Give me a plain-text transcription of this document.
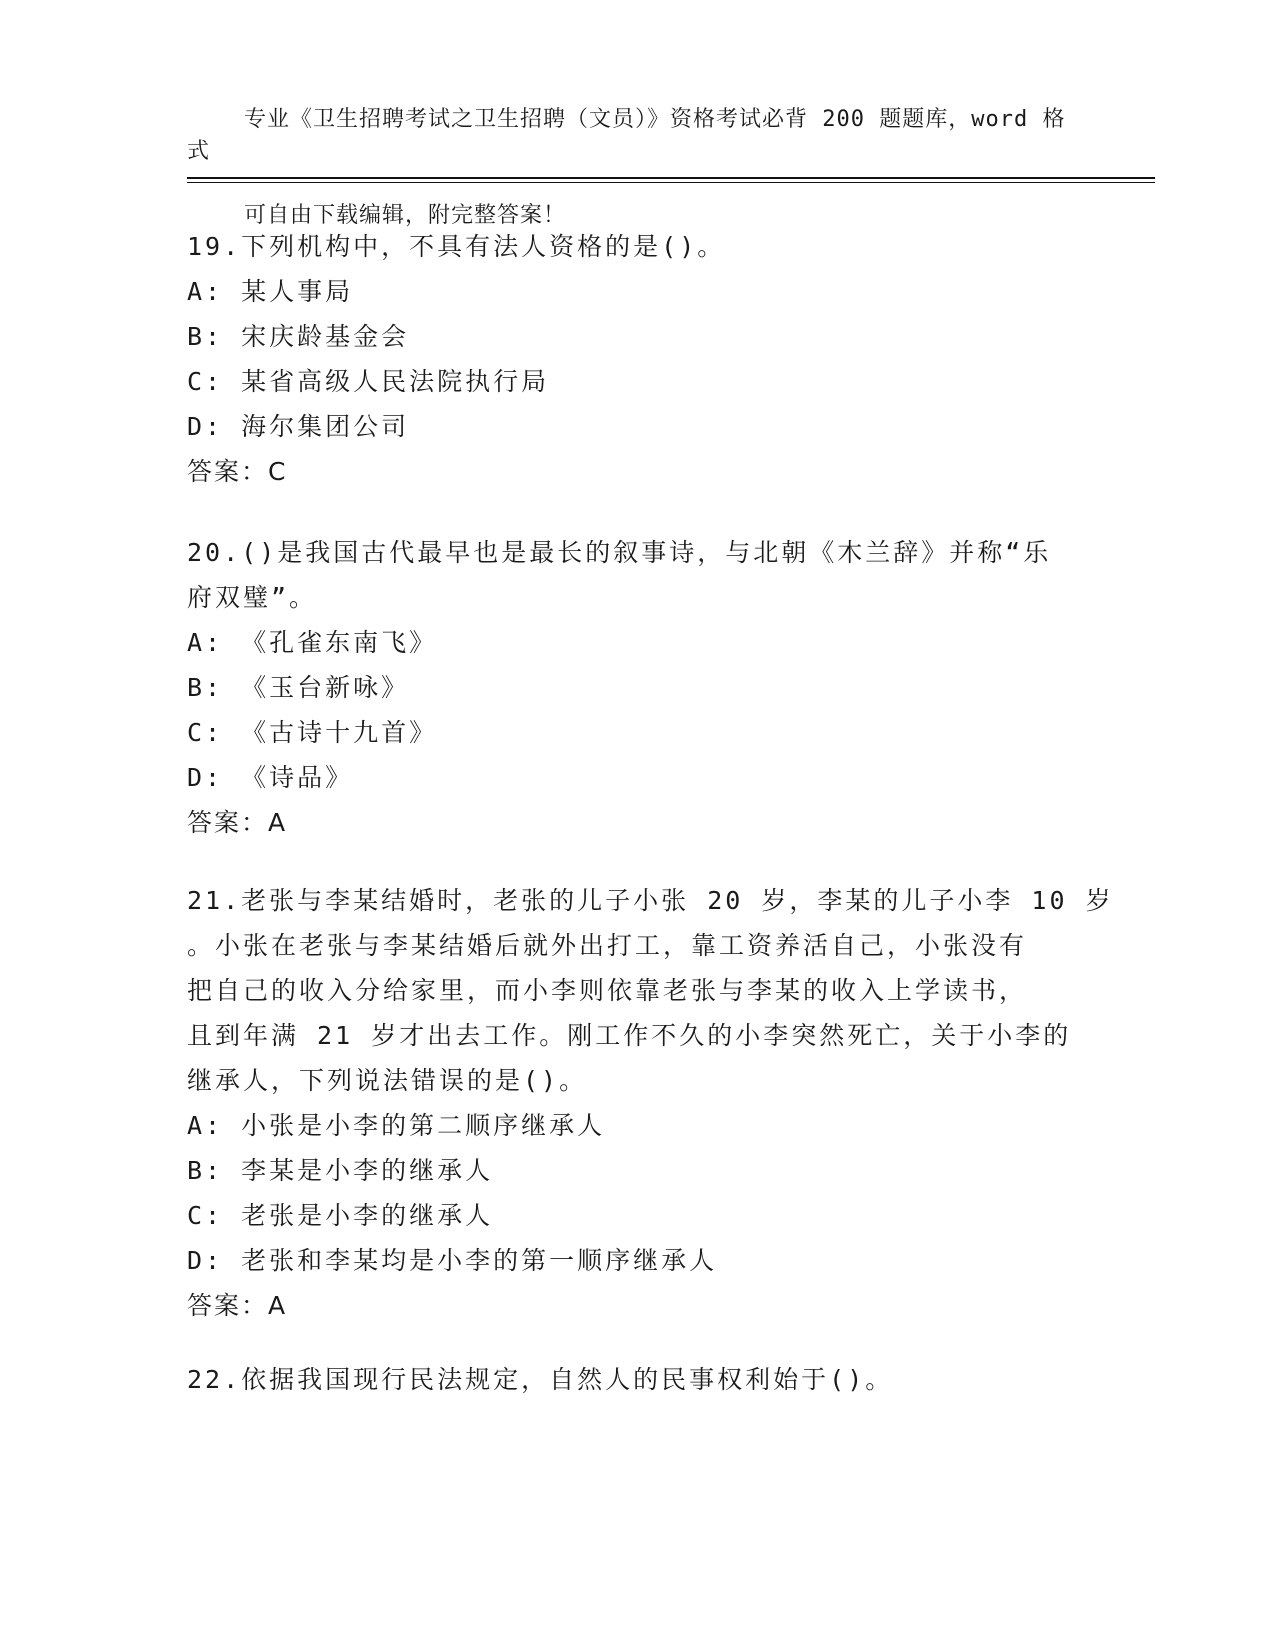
专业《卫生招聘考试之卫生招聘（文员）》资格考试必背 200 题题库，word 格式

可自由下载编辑，附完整答案！

19.下列机构中，不具有法人资格的是()。
A: 某人事局
B: 宋庆龄基金会
C: 某省高级人民法院执行局
D: 海尔集团公司
答案：C
20.()是我国古代最早也是最长的叙事诗，与北朝《木兰辞》并称“乐
府双璧”。
A: 《孔雀东南飞》
B: 《玉台新咏》
C: 《古诗十九首》
D: 《诗品》
答案：A
21.老张与李某结婚时，老张的儿子小张 20 岁，李某的儿子小李 10 岁
。小张在老张与李某结婚后就外出打工，靠工资养活自己，小张没有
把自己的收入分给家里，而小李则依靠老张与李某的收入上学读书，
且到年满 21 岁才出去工作。刚工作不久的小李突然死亡，关于小李的
继承人，下列说法错误的是()。
A: 小张是小李的第二顺序继承人
B: 李某是小李的继承人
C: 老张是小李的继承人
D: 老张和李某均是小李的第一顺序继承人
答案：A
22.依据我国现行民法规定，自然人的民事权利始于()。
